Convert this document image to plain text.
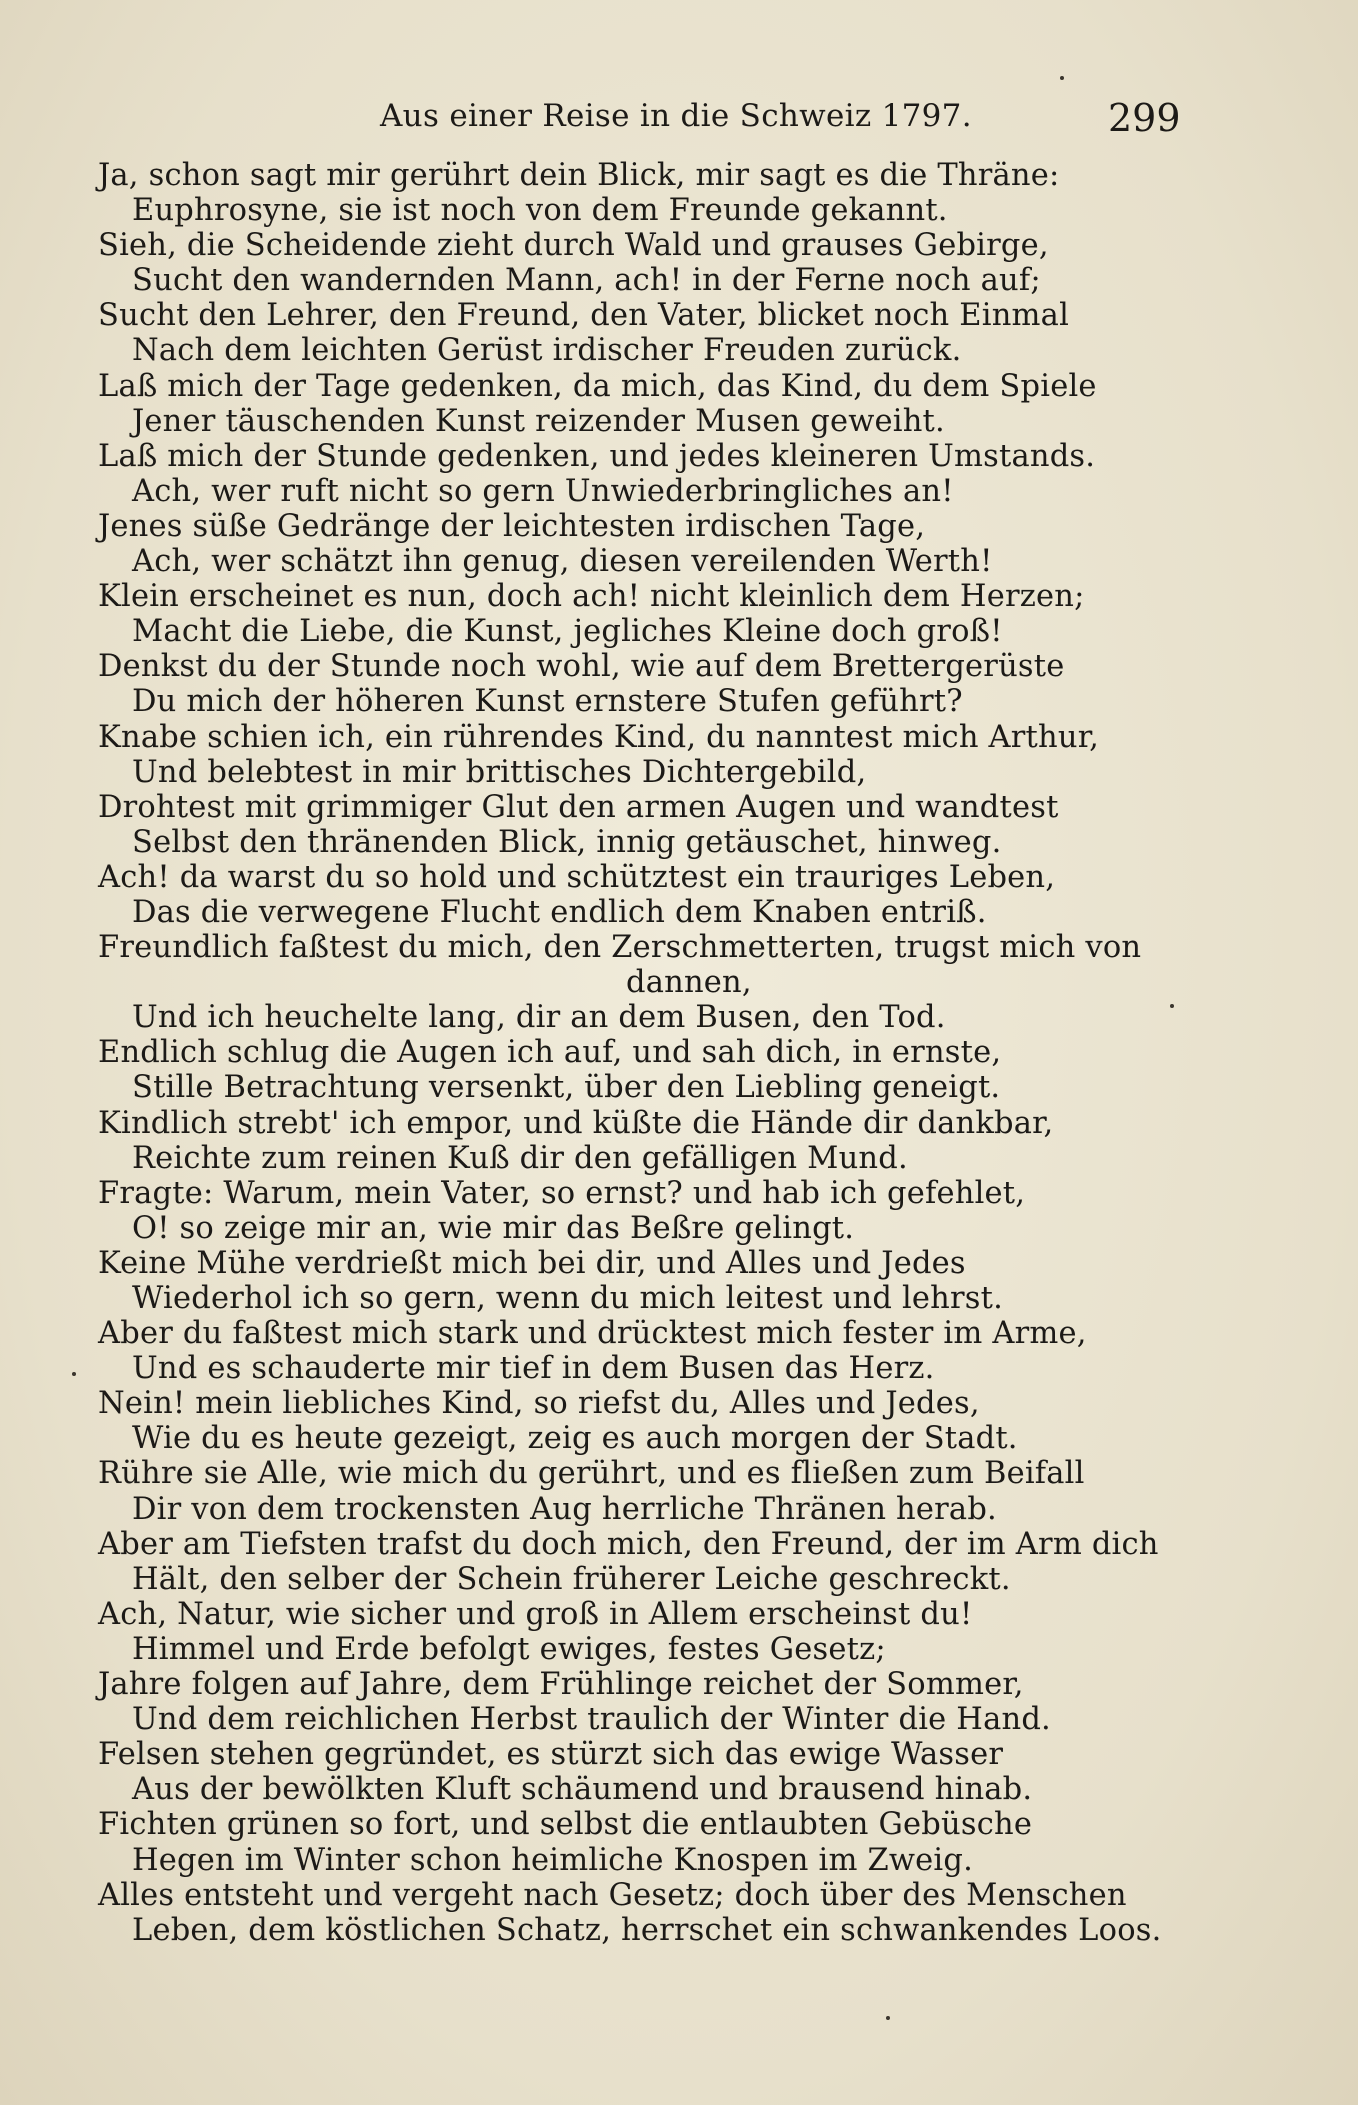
Aus einer Reise in die Schweiz 1797.	299
Ja, schon sagt mir gerührt dein Blick, mir sagt es die Thräne:
Euphrosyne, sie ist noch von dem Freunde gekannt.
Sieh, die Scheidende zieht durch Wald und grauses Gebirge,
Sucht den wandernden Mann, ach! in der Ferne noch auf;
Sucht den Lehrer, den Freund, den Vater, blicket noch Einmal
Nach dem leichten Gerüst irdischer Freuden zurück.
Laß mich der Tage gedenken, da mich, das Kind, du dem Spiele
Jener täuschenden Kunst reizender Musen geweiht.
Laß mich der Stunde gedenken, und jedes kleineren Umstands.
Ach, wer ruft nicht so gern Unwiederbringliches an!
Jenes süße Gedränge der leichtesten irdischen Tage,
Ach, wer schätzt ihn genug, diesen vereilenden Werth!
Klein erscheinet es nun, doch ach! nicht kleinlich dem Herzen;
Macht die Liebe, die Kunst, jegliches Kleine doch groß!
Denkst du der Stunde noch wohl, wie auf dem Brettergerüste
Du mich der höheren Kunst ernstere Stufen geführt?
Knabe schien ich, ein rührendes Kind, du nanntest mich Arthur,
Und belebtest in mir brittisches Dichtergebild,
Drohtest mit grimmiger Glut den armen Augen und wandtest
Selbst den thränenden Blick, innig getäuschet, hinweg.
Ach! da warst du so hold und schütztest ein trauriges Leben,
Das die verwegene Flucht endlich dem Knaben entriß.
Freundlich faßtest du mich, den Zerschmetterten, trugst mich von
dannen,
Und ich heuchelte lang, dir an dem Busen, den Tod.
Endlich schlug die Augen ich auf, und sah dich, in ernste,
Stille Betrachtung versenkt, über den Liebling geneigt.
Kindlich strebt' ich empor, und küßte die Hände dir dankbar,
Reichte zum reinen Kuß dir den gefälligen Mund.
Fragte: Warum, mein Vater, so ernst? und hab ich gefehlet,
O! so zeige mir an, wie mir das Beßre gelingt.
Keine Mühe verdrießt mich bei dir, und Alles und Jedes
Wiederhol ich so gern, wenn du mich leitest und lehrst.
Aber du faßtest mich stark und drücktest mich fester im Arme,
Und es schauderte mir tief in dem Busen das Herz.
Nein! mein liebliches Kind, so riefst du, Alles und Jedes,
Wie du es heute gezeigt, zeig es auch morgen der Stadt.
Rühre sie Alle, wie mich du gerührt, und es fließen zum Beifall
Dir von dem trockensten Aug herrliche Thränen herab.
Aber am Tiefsten trafst du doch mich, den Freund, der im Arm dich
Hält, den selber der Schein früherer Leiche geschreckt.
Ach, Natur, wie sicher und groß in Allem erscheinst du!
Himmel und Erde befolgt ewiges, festes Gesetz;
Jahre folgen auf Jahre, dem Frühlinge reichet der Sommer,
Und dem reichlichen Herbst traulich der Winter die Hand.
Felsen stehen gegründet, es stürzt sich das ewige Wasser
Aus der bewölkten Kluft schäumend und brausend hinab.
Fichten grünen so fort, und selbst die entlaubten Gebüsche
Hegen im Winter schon heimliche Knospen im Zweig.
Alles entsteht und vergeht nach Gesetz; doch über des Menschen
Leben, dem köstlichen Schatz, herrschet ein schwankendes Loos.
